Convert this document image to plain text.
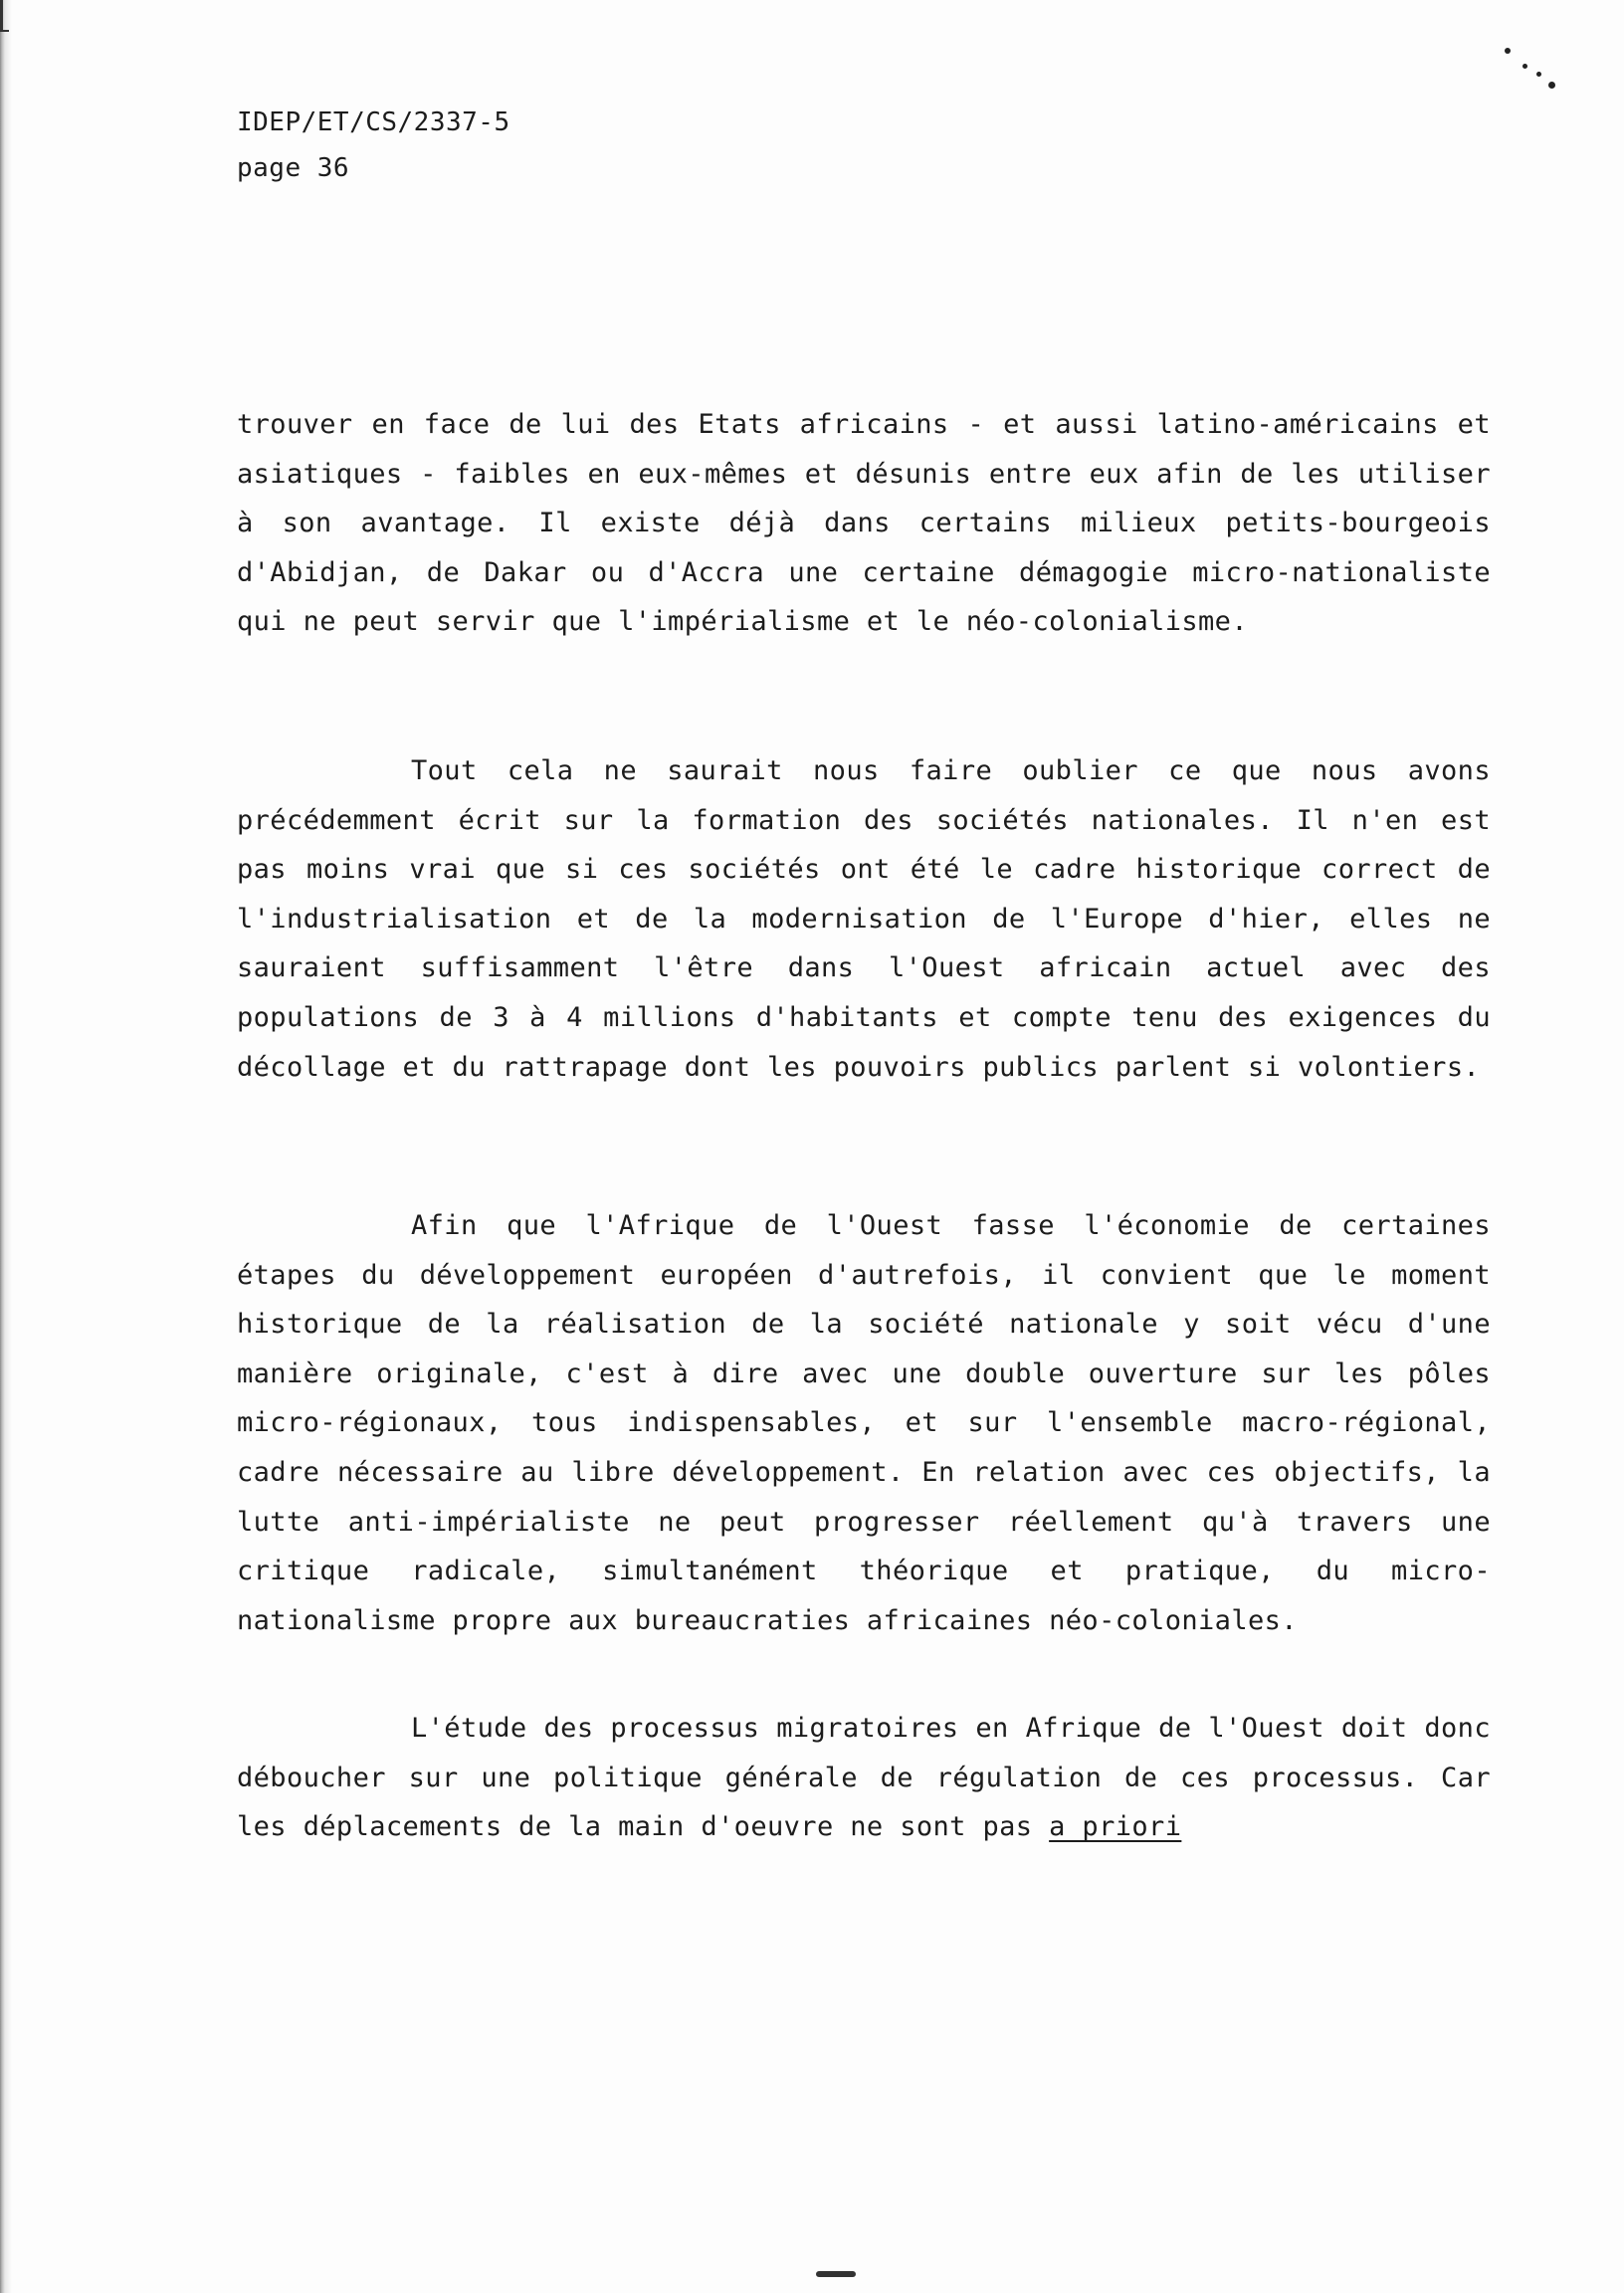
IDEP/ET/CS/2337-5
page 36

trouver en face de lui des Etats africains - et aussi latino-américains et asiatiques - faibles en eux-mêmes et désunis entre eux afin de les utiliser à son avantage. Il existe déjà dans certains milieux petits-bourgeois d'Abidjan, de Dakar ou d'Accra une certaine démagogie micro-nationaliste qui ne peut servir que l'impérialisme et le néo-colonialisme.

Tout cela ne saurait nous faire oublier ce que nous avons précédemment écrit sur la formation des sociétés nationales. Il n'en est pas moins vrai que si ces sociétés ont été le cadre historique correct de l'industrialisation et de la modernisation de l'Europe d'hier, elles ne sauraient suffisamment l'être dans l'Ouest africain actuel avec des populations de 3 à 4 millions d'habitants et compte tenu des exigences du décollage et du rattrapage dont les pouvoirs publics parlent si volontiers.

Afin que l'Afrique de l'Ouest fasse l'économie de certaines étapes du développement européen d'autrefois, il convient que le moment historique de la réalisation de la société nationale y soit vécu d'une manière originale, c'est à dire avec une double ouverture sur les pôles micro-régionaux, tous indispensables, et sur l'ensemble macro-régional, cadre nécessaire au libre développement. En relation avec ces objectifs, la lutte anti-impérialiste ne peut progresser réellement qu'à travers une critique radicale, simultanément théorique et pratique, du micro-nationalisme propre aux bureaucraties africaines néo-coloniales.

L'étude des processus migratoires en Afrique de l'Ouest doit donc déboucher sur une politique générale de régulation de ces processus. Car les déplacements de la main d'oeuvre ne sont pas a priori
